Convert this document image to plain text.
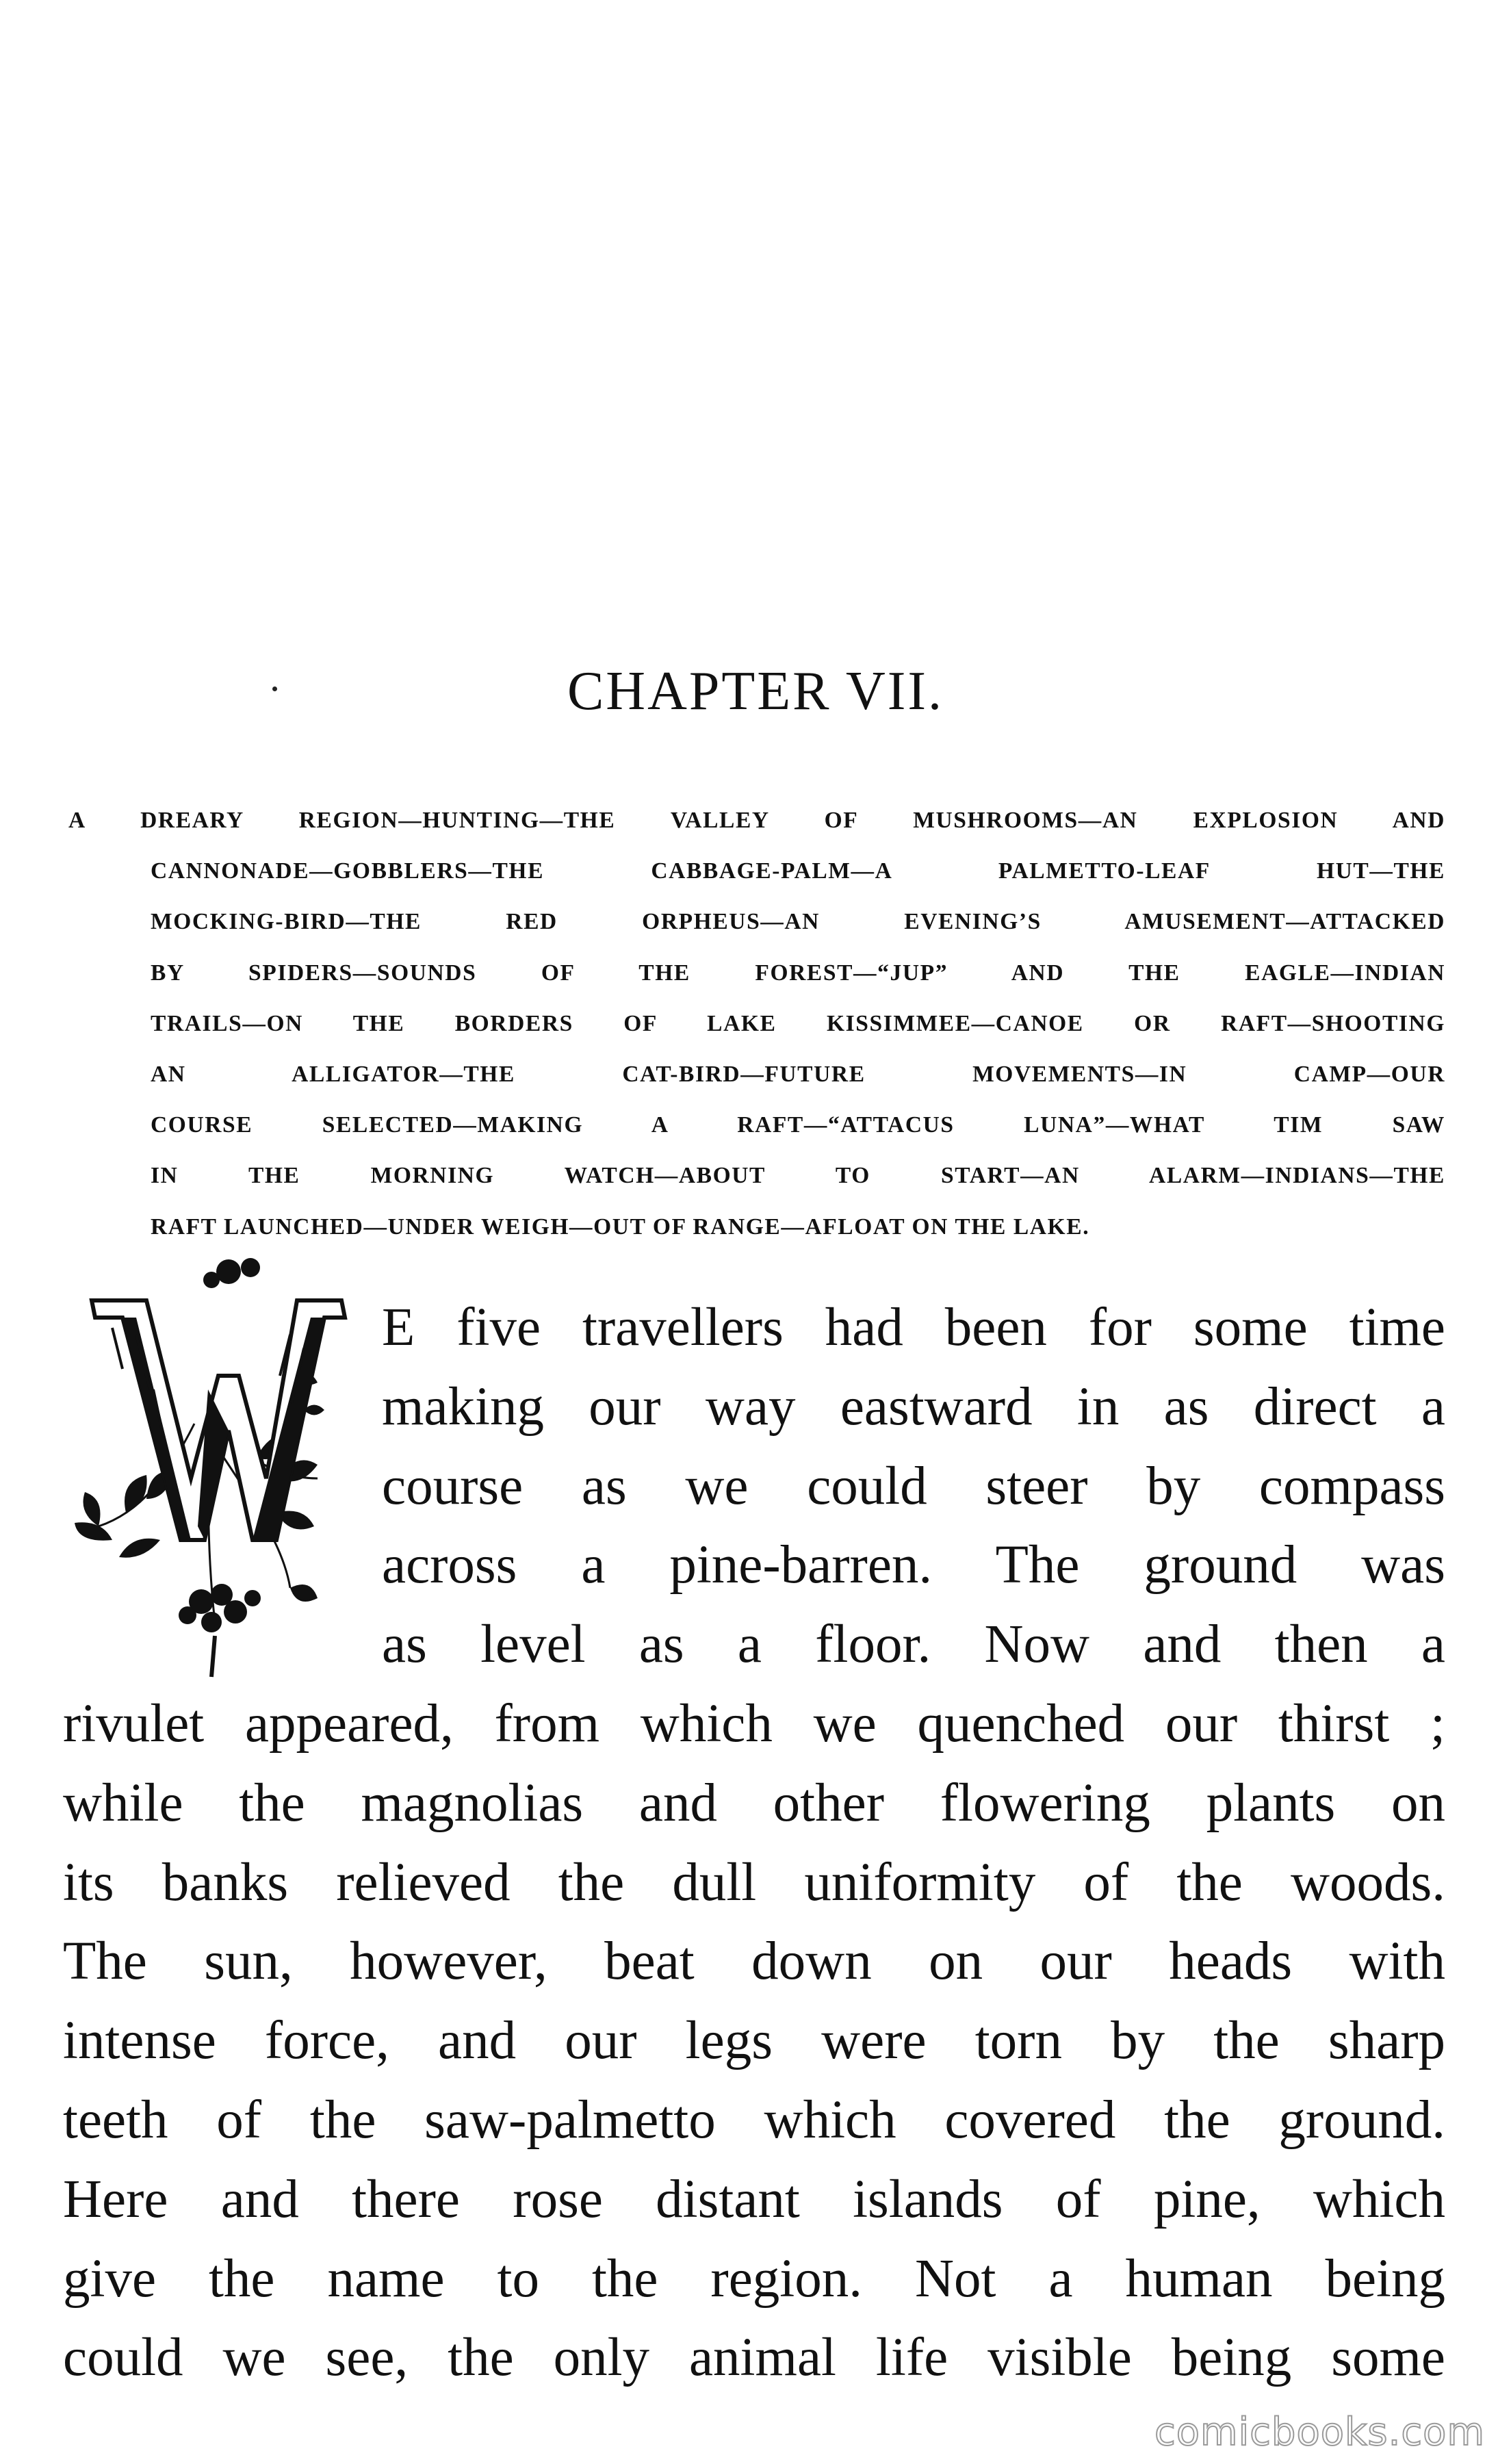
CHAPTER VII.
A DREARY REGION—HUNTING—THE VALLEY OF MUSHROOMS—AN EXPLOSION AND
CANNONADE—GOBBLERS—THE CABBAGE-PALM—A PALMETTO-LEAF HUT—THE
MOCKING-BIRD—THE RED ORPHEUS—AN EVENING’S AMUSEMENT—ATTACKED
BY SPIDERS—SOUNDS OF THE FOREST—“JUP” AND THE EAGLE—INDIAN
TRAILS—ON THE BORDERS OF LAKE KISSIMMEE—CANOE OR RAFT—SHOOTING
AN ALLIGATOR—THE CAT-BIRD—FUTURE MOVEMENTS—IN CAMP—OUR
COURSE SELECTED—MAKING A RAFT—“ATTACUS LUNA”—WHAT TIM SAW
IN THE MORNING WATCH—ABOUT TO START—AN ALARM—INDIANS—THE
RAFT LAUNCHED—UNDER WEIGH—OUT OF RANGE—AFLOAT ON THE LAKE.
W
E five travellers had been for some time
making our way eastward in as direct a
course as we could steer by compass
across a pine-barren. The ground was
as level as a floor. Now and then a
rivulet appeared, from which we quenched our thirst ;
while the magnolias and other flowering plants on
its banks relieved the dull uniformity of the woods.
The sun, however, beat down on our heads with
intense force, and our legs were torn by the sharp
teeth of the saw-palmetto which covered the ground.
Here and there rose distant islands of pine, which
give the name to the region. Not a human being
could we see, the only animal life visible being some
comicbooks.com
